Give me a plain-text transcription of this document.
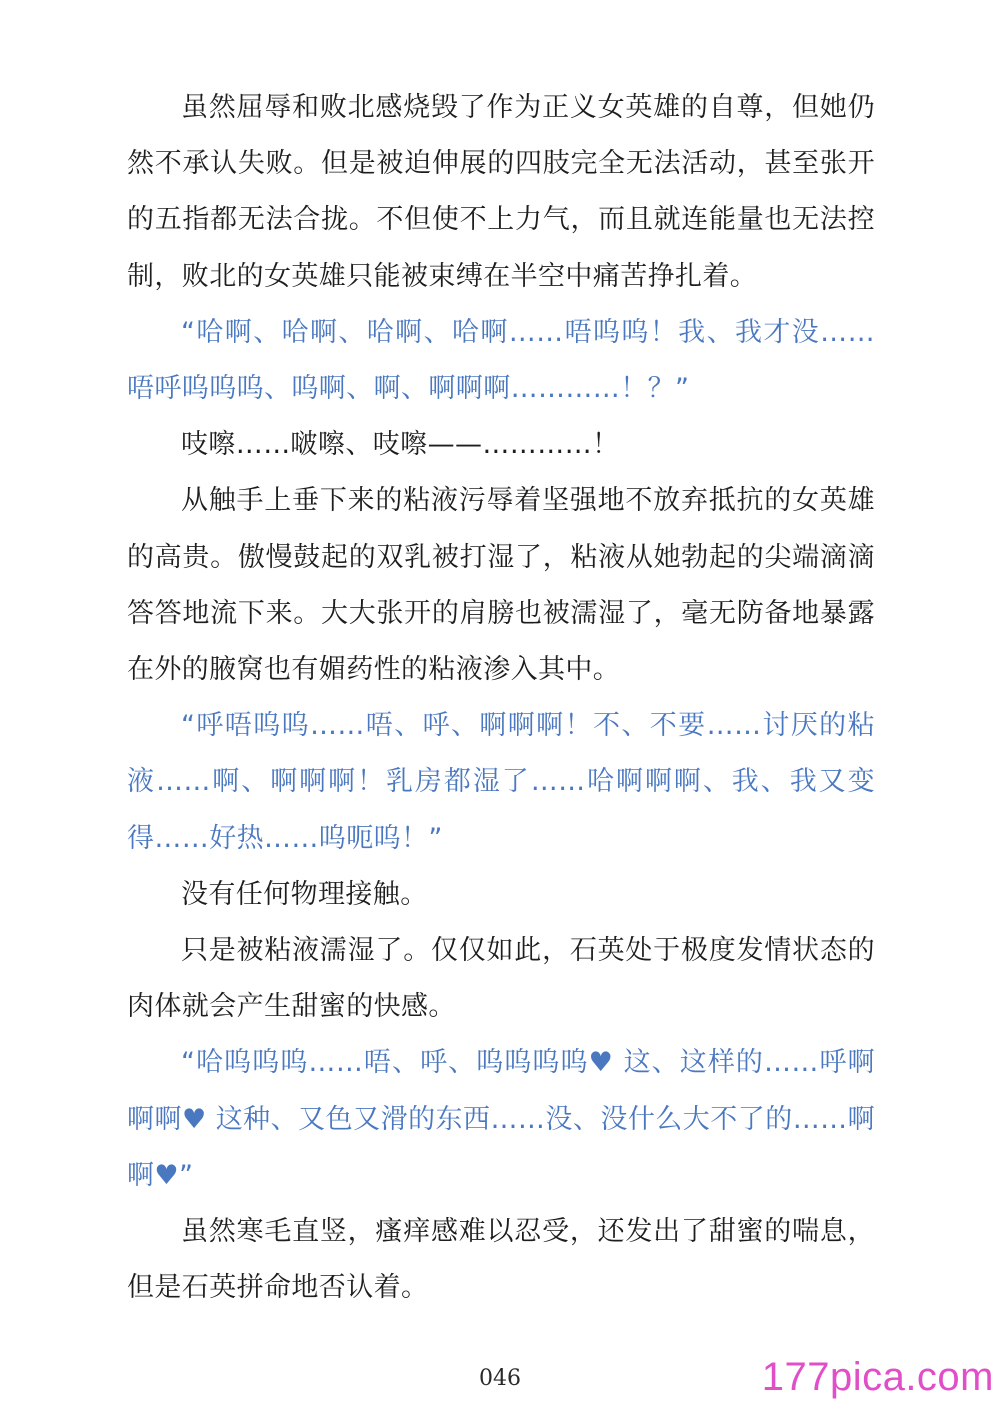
虽然屈辱和败北感烧毁了作为正义女英雄的自尊，但她仍然不承认失败。但是被迫伸展的四肢完全无法活动，甚至张开的五指都无法合拢。不但使不上力气，而且就连能量也无法控制，败北的女英雄只能被束缚在半空中痛苦挣扎着。

“哈啊、哈啊、哈啊、哈啊……唔呜呜！我、我才没……唔呼呜呜呜、呜啊、啊、啊啊啊…………！？”

吱嚓……啵嚓、吱嚓——…………！

从触手上垂下来的粘液污辱着坚强地不放弃抵抗的女英雄的高贵。傲慢鼓起的双乳被打湿了，粘液从她勃起的尖端滴滴答答地流下来。大大张开的肩膀也被濡湿了，毫无防备地暴露在外的腋窝也有媚药性的粘液渗入其中。

“呼唔呜呜……唔、呼、啊啊啊！不、不要……讨厌的粘液……啊、啊啊啊！乳房都湿了……哈啊啊啊、我、我又变得……好热……呜呃呜！”

没有任何物理接触。

只是被粘液濡湿了。仅仅如此，石英处于极度发情状态的肉体就会产生甜蜜的快感。

“哈呜呜呜……唔、呼、呜呜呜呜♥ 这、这样的……呼啊啊啊♥ 这种、又色又滑的东西……没、没什么大不了的……啊啊♥”

虽然寒毛直竖，瘙痒感难以忍受，还发出了甜蜜的喘息，但是石英拼命地否认着。

046	177pica.com
